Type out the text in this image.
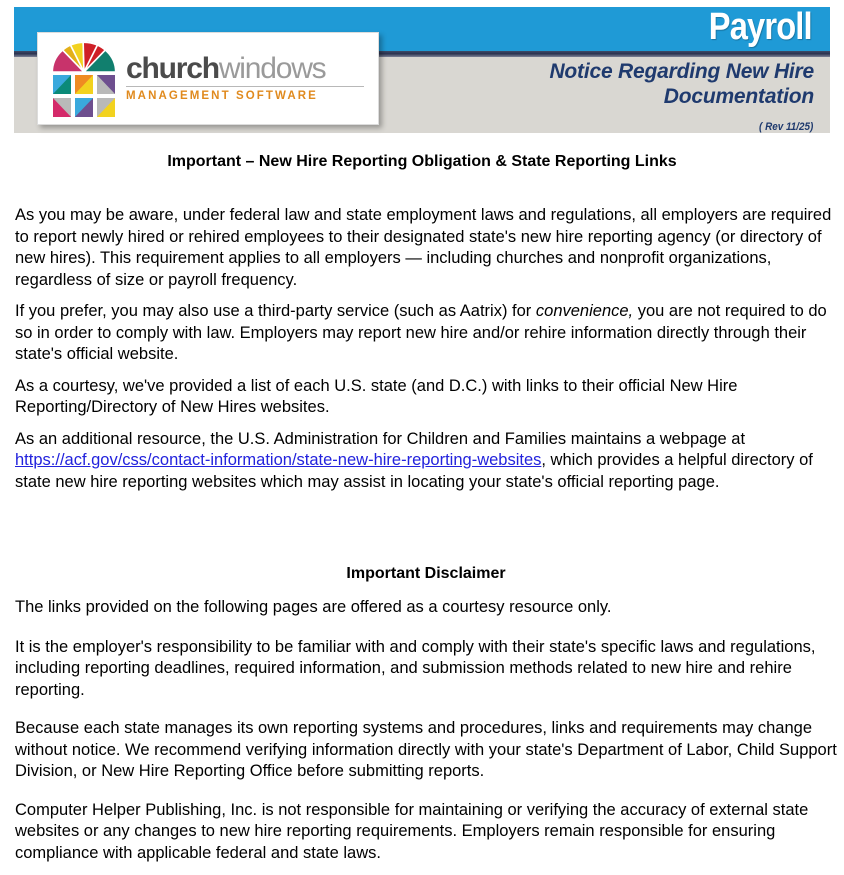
Payroll
Notice Regarding New Hire
Documentation
( Rev 11/25)
churchwindows
MANAGEMENT SOFTWARE
Important – New Hire Reporting Obligation & State Reporting Links

As you may be aware, under federal law and state employment laws and regulations, all employers are required to report newly hired or rehired employees to their designated state's new hire reporting agency (or directory of new hires). This requirement applies to all employers — including churches and nonprofit organizations, regardless of size or payroll frequency.

If you prefer, you may also use a third-party service (such as Aatrix) for convenience, you are not required to do so in order to comply with law. Employers may report new hire and/or rehire information directly through their state's official website.

As a courtesy, we've provided a list of each U.S. state (and D.C.) with links to their official New Hire Reporting/Directory of New Hires websites.

As an additional resource, the U.S. Administration for Children and Families maintains a webpage at https://acf.gov/css/contact-information/state-new-hire-reporting-websites, which provides a helpful directory of state new hire reporting websites which may assist in locating your state's official reporting page.

Important Disclaimer

The links provided on the following pages are offered as a courtesy resource only.

It is the employer's responsibility to be familiar with and comply with their state's specific laws and regulations, including reporting deadlines, required information, and submission methods related to new hire and rehire reporting.

Because each state manages its own reporting systems and procedures, links and requirements may change without notice. We recommend verifying information directly with your state's Department of Labor, Child Support Division, or New Hire Reporting Office before submitting reports.

Computer Helper Publishing, Inc. is not responsible for maintaining or verifying the accuracy of external state websites or any changes to new hire reporting requirements. Employers remain responsible for ensuring compliance with applicable federal and state laws.
